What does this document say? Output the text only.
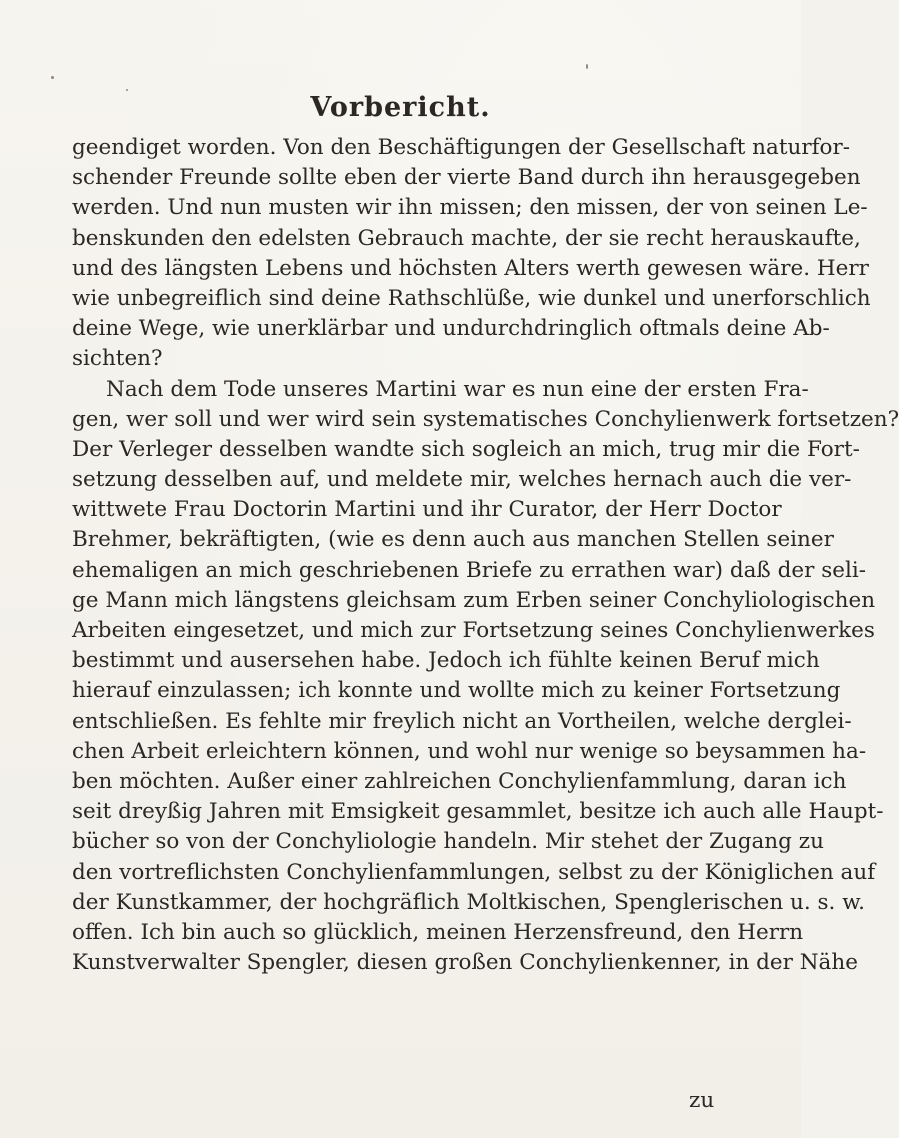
Vorbericht.
geendiget worden. Von den Beschäftigungen der Gesellschaft naturfor-
schender Freunde sollte eben der vierte Band durch ihn herausgegeben
werden. Und nun musten wir ihn missen; den missen, der von seinen Le-
benskunden den edelsten Gebrauch machte, der sie recht herauskaufte,
und des längsten Lebens und höchsten Alters werth gewesen wäre. Herr
wie unbegreiflich sind deine Rathschlüße, wie dunkel und unerforschlich
deine Wege, wie unerklärbar und undurchdringlich oftmals deine Ab-
sichten?
Nach dem Tode unseres Martini war es nun eine der ersten Fra-
gen, wer soll und wer wird sein systematisches Conchylienwerk fortsetzen?
Der Verleger desselben wandte sich sogleich an mich, trug mir die Fort-
setzung desselben auf, und meldete mir, welches hernach auch die ver-
wittwete Frau Doctorin Martini und ihr Curator, der Herr Doctor
Brehmer, bekräftigten, (wie es denn auch aus manchen Stellen seiner
ehemaligen an mich geschriebenen Briefe zu errathen war) daß der seli-
ge Mann mich längstens gleichsam zum Erben seiner Conchyliologischen
Arbeiten eingesetzet, und mich zur Fortsetzung seines Conchylienwerkes
bestimmt und ausersehen habe. Jedoch ich fühlte keinen Beruf mich
hierauf einzulassen; ich konnte und wollte mich zu keiner Fortsetzung
entschließen. Es fehlte mir freylich nicht an Vortheilen, welche derglei-
chen Arbeit erleichtern können, und wohl nur wenige so beysammen ha-
ben möchten. Außer einer zahlreichen Conchylienfammlung, daran ich
seit dreyßig Jahren mit Emsigkeit gesammlet, besitze ich auch alle Haupt-
bücher so von der Conchyliologie handeln. Mir stehet der Zugang zu
den vortreflichsten Conchylienfammlungen, selbst zu der Königlichen auf
der Kunstkammer, der hochgräflich Moltkischen, Spenglerischen u. s. w.
offen. Ich bin auch so glücklich, meinen Herzensfreund, den Herrn
Kunstverwalter Spengler, diesen großen Conchylienkenner, in der Nähe
zu
